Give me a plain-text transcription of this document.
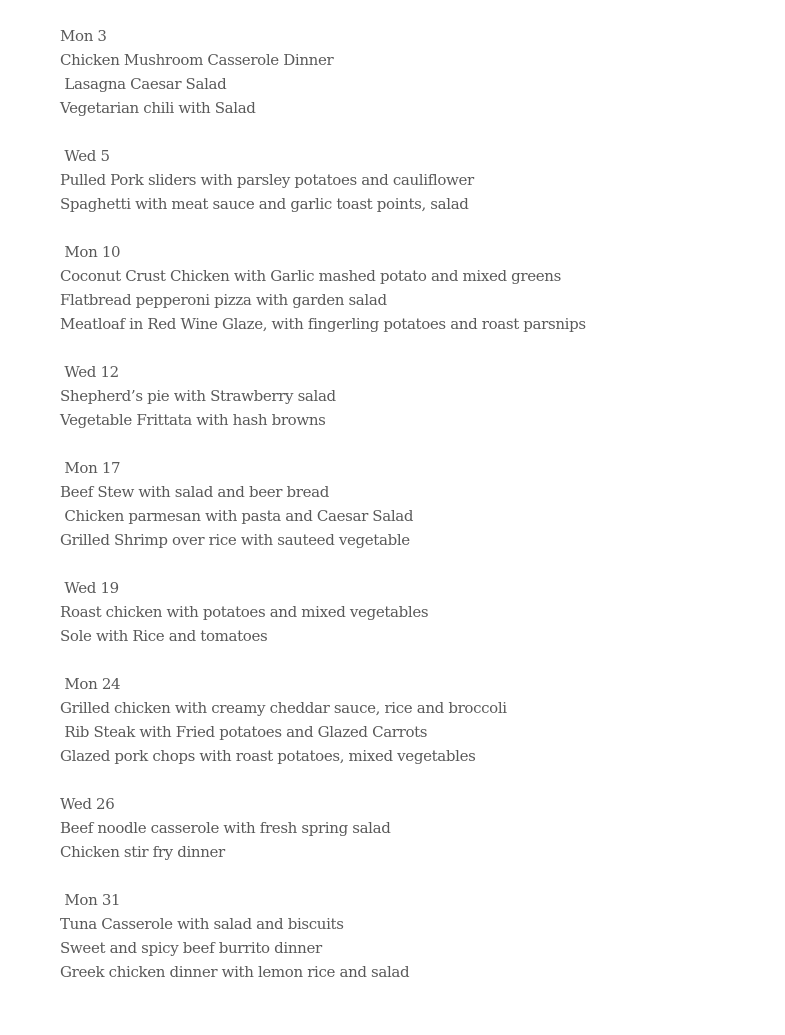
Mon 3
Chicken Mushroom Casserole Dinner
Lasagna Caesar Salad
Vegetarian chili with Salad
Wed 5
Pulled Pork sliders with parsley potatoes and cauliflower
Spaghetti with meat sauce and garlic toast points, salad
Mon 10
Coconut Crust Chicken with Garlic mashed potato and mixed greens
Flatbread pepperoni pizza with garden salad
Meatloaf in Red Wine Glaze, with fingerling potatoes and roast parsnips
Wed 12
Shepherd’s pie with Strawberry salad
Vegetable Frittata with hash browns
Mon 17
Beef Stew with salad and beer bread
Chicken parmesan with pasta and Caesar Salad
Grilled Shrimp over rice with sauteed vegetable
Wed 19
Roast chicken with potatoes and mixed vegetables
Sole with Rice and tomatoes
Mon 24
Grilled chicken with creamy cheddar sauce, rice and broccoli
Rib Steak with Fried potatoes and Glazed Carrots
Glazed pork chops with roast potatoes, mixed vegetables
Wed 26
Beef noodle casserole with fresh spring salad
Chicken stir fry dinner
Mon 31
Tuna Casserole with salad and biscuits
Sweet and spicy beef burrito dinner
Greek chicken dinner with lemon rice and salad
